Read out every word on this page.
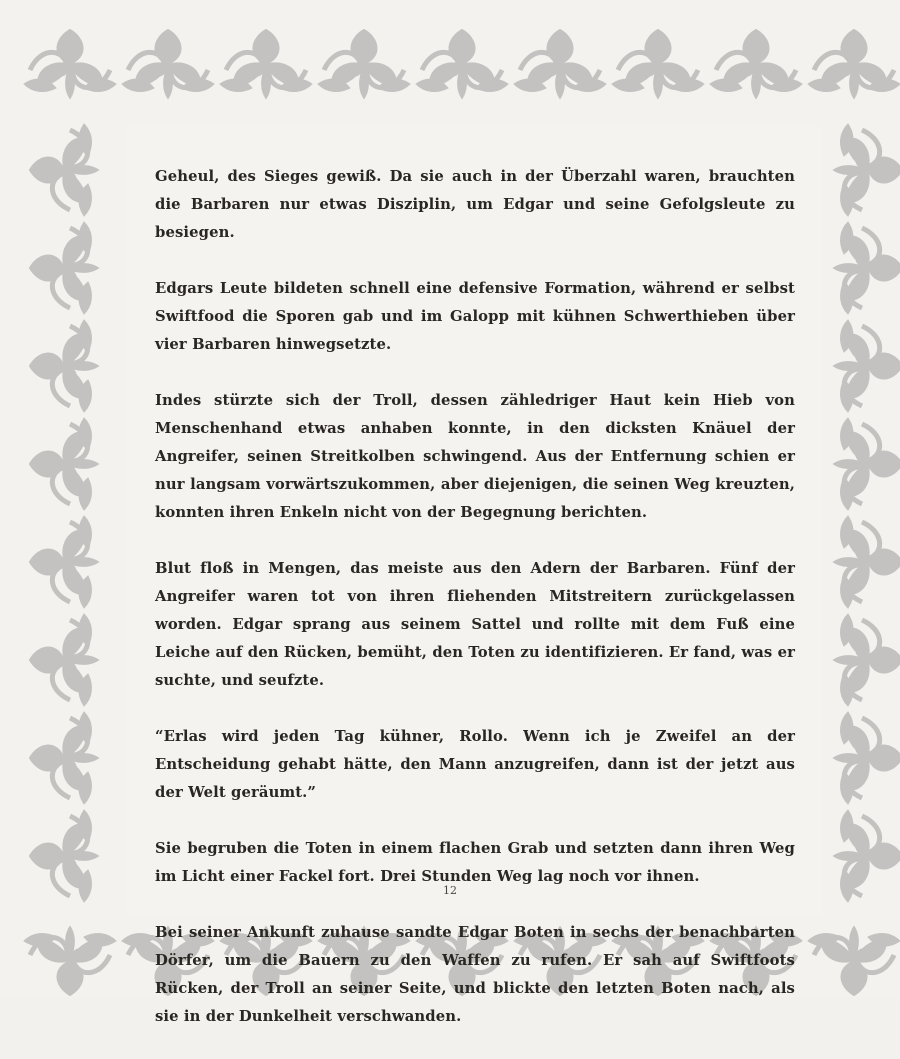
Geheul, des Sieges gewiß. Da sie auch in der Überzahl waren, brauchten die Barbaren nur etwas Disziplin, um Edgar und seine Gefolgsleute zu besiegen.

Edgars Leute bildeten schnell eine defensive Formation, während er selbst Swiftfood die Sporen gab und im Galopp mit kühnen Schwerthieben über vier Barbaren hinwegsetzte.

Indes stürzte sich der Troll, dessen zähledriger Haut kein Hieb von Menschenhand etwas anhaben konnte, in den dicksten Knäuel der Angreifer, seinen Streitkolben schwingend. Aus der Entfernung schien er nur langsam vorwärtszukommen, aber diejenigen, die seinen Weg kreuzten, konnten ihren Enkeln nicht von der Begegnung berichten.

Blut floß in Mengen, das meiste aus den Adern der Barbaren. Fünf der Angreifer waren tot von ihren fliehenden Mitstreitern zurückgelassen worden. Edgar sprang aus seinem Sattel und rollte mit dem Fuß eine Leiche auf den Rücken, bemüht, den Toten zu identifizieren. Er fand, was er suchte, und seufzte.

“Erlas wird jeden Tag kühner, Rollo. Wenn ich je Zweifel an der Entscheidung gehabt hätte, den Mann anzugreifen, dann ist der jetzt aus der Welt geräumt.”

Sie begruben die Toten in einem flachen Grab und setzten dann ihren Weg im Licht einer Fackel fort. Drei Stunden Weg lag noch vor ihnen.

Bei seiner Ankunft zuhause sandte Edgar Boten in sechs der benachbarten Dörfer, um die Bauern zu den Waffen zu rufen. Er sah auf Swiftfoots Rücken, der Troll an seiner Seite, und blickte den letzten Boten nach, als sie in der Dunkelheit verschwanden.

12
